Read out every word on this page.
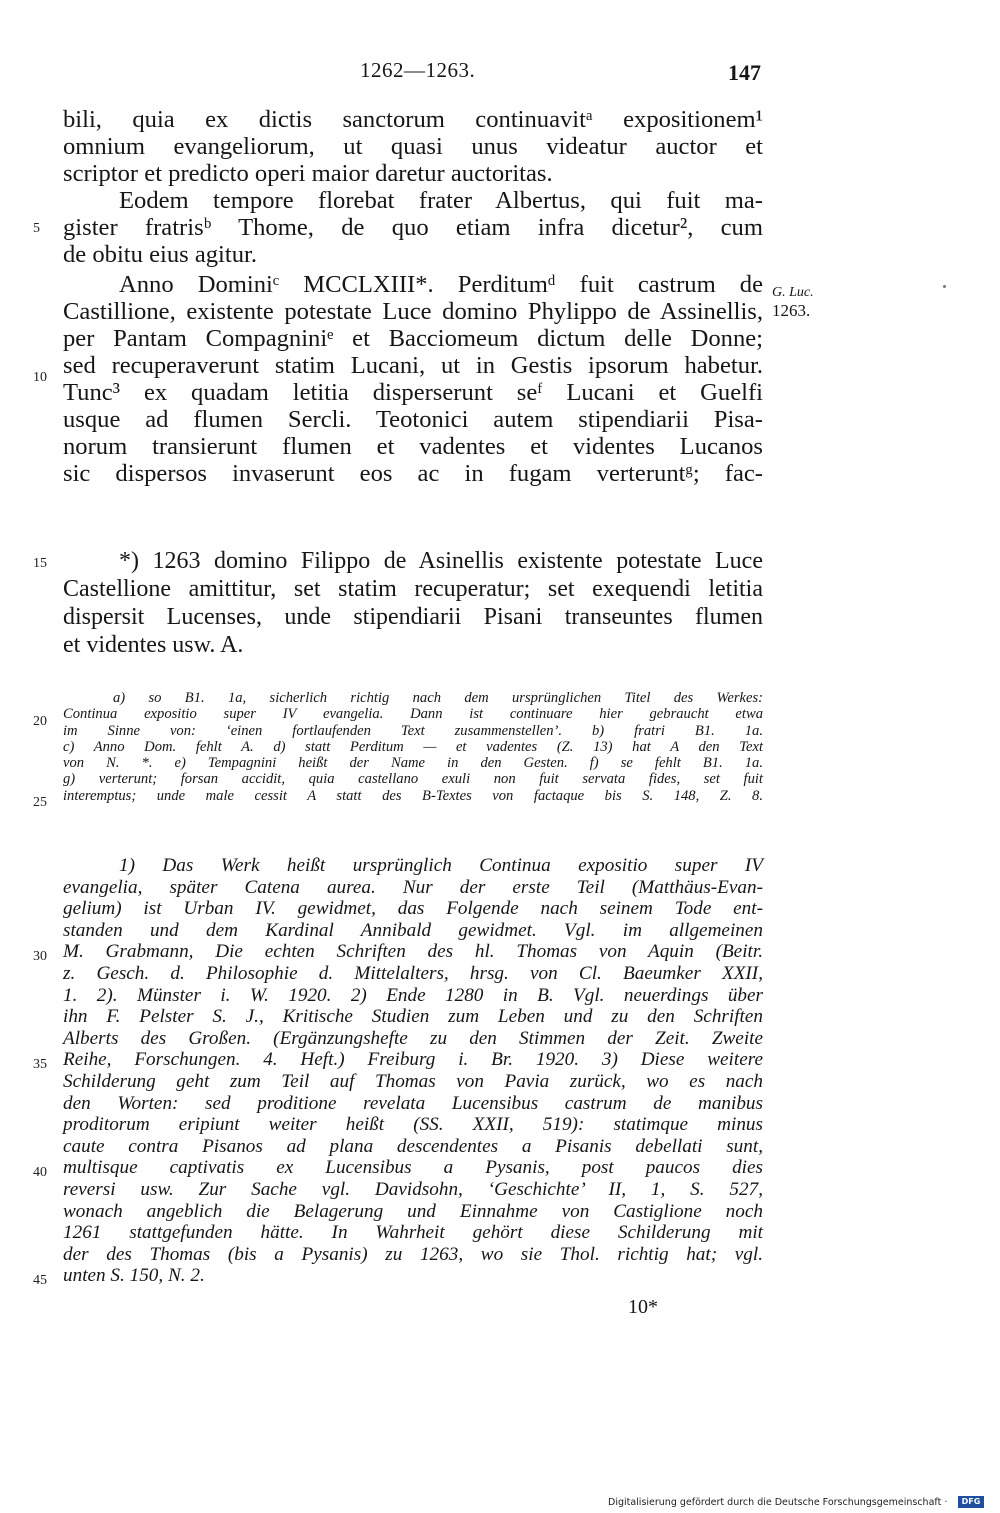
1262—1263.	147
bili, quia ex dictis sanctorum continuavitᵃ expositionem¹
omnium evangeliorum, ut quasi unus videatur auctor et
scriptor et predicto operi maior daretur auctoritas.
Eodem tempore florebat frater Albertus, qui fuit ma-
gister fratrisᵇ Thome, de quo etiam infra dicetur², cum
de obitu eius agitur.
Anno Dominiᶜ MCCLXIII*. Perditumᵈ fuit castrum de
Castillione, existente potestate Luce domino Phylippo de Assinellis,
per Pantam Compagniniᵉ et Bacciomeum dictum delle Donne;
sed recuperaverunt statim Lucani, ut in Gestis ipsorum habetur.
Tunc³ ex quadam letitia disperserunt seᶠ Lucani et Guelfi
usque ad flumen Sercli. Teotonici autem stipendiarii Pisa-
norum transierunt flumen et vadentes et videntes Lucanos
sic dispersos invaserunt eos ac in fugam verteruntᵍ; fac-
G. Luc.
1263.
*) 1263 domino Filippo de Asinellis existente potestate Luce
Castellione amittitur, set statim recuperatur; set exequendi letitia
dispersit Lucenses, unde stipendiarii Pisani transeuntes flumen
et videntes usw. A.
a) so B1. 1a, sicherlich richtig nach dem ursprünglichen Titel des Werkes:
Continua expositio super IV evangelia. Dann ist continuare hier gebraucht etwa
im Sinne von: ‘einen fortlaufenden Text zusammenstellen’. b) fratri B1. 1a.
c) Anno Dom. fehlt A. d) statt Perditum — et vadentes (Z. 13) hat A den Text
von N. *. e) Tempagnini heißt der Name in den Gesten. f) se fehlt B1. 1a.
g) verterunt; forsan accidit, quia castellano exuli non fuit servata fides, set fuit
interemptus; unde male cessit A statt des B-Textes von factaque bis S. 148, Z. 8.
1) Das Werk heißt ursprünglich Continua expositio super IV
evangelia, später Catena aurea. Nur der erste Teil (Matthäus-Evan-
gelium) ist Urban IV. gewidmet, das Folgende nach seinem Tode ent-
standen und dem Kardinal Annibald gewidmet. Vgl. im allgemeinen
M. Grabmann, Die echten Schriften des hl. Thomas von Aquin (Beitr.
z. Gesch. d. Philosophie d. Mittelalters, hrsg. von Cl. Baeumker XXII,
1. 2). Münster i. W. 1920. 2) Ende 1280 in B. Vgl. neuerdings über
ihn F. Pelster S. J., Kritische Studien zum Leben und zu den Schriften
Alberts des Großen. (Ergänzungshefte zu den Stimmen der Zeit. Zweite
Reihe, Forschungen. 4. Heft.) Freiburg i. Br. 1920. 3) Diese weitere
Schilderung geht zum Teil auf Thomas von Pavia zurück, wo es nach
den Worten: sed proditione revelata Lucensibus castrum de manibus
proditorum eripiunt weiter heißt (SS. XXII, 519): statimque minus
caute contra Pisanos ad plana descendentes a Pisanis debellati sunt,
multisque captivatis ex Lucensibus a Pysanis, post paucos dies
reversi usw. Zur Sache vgl. Davidsohn, ‘Geschichte’ II, 1, S. 527,
wonach angeblich die Belagerung und Einnahme von Castiglione noch
1261 stattgefunden hätte. In Wahrheit gehört diese Schilderung mit
der des Thomas (bis a Pysanis) zu 1263, wo sie Thol. richtig hat; vgl.
unten S. 150, N. 2.
5
10
15
20
25
30
35
40
45
10*
Digitalisierung gefördert durch die Deutsche Forschungsgemeinschaft ·	DFG
